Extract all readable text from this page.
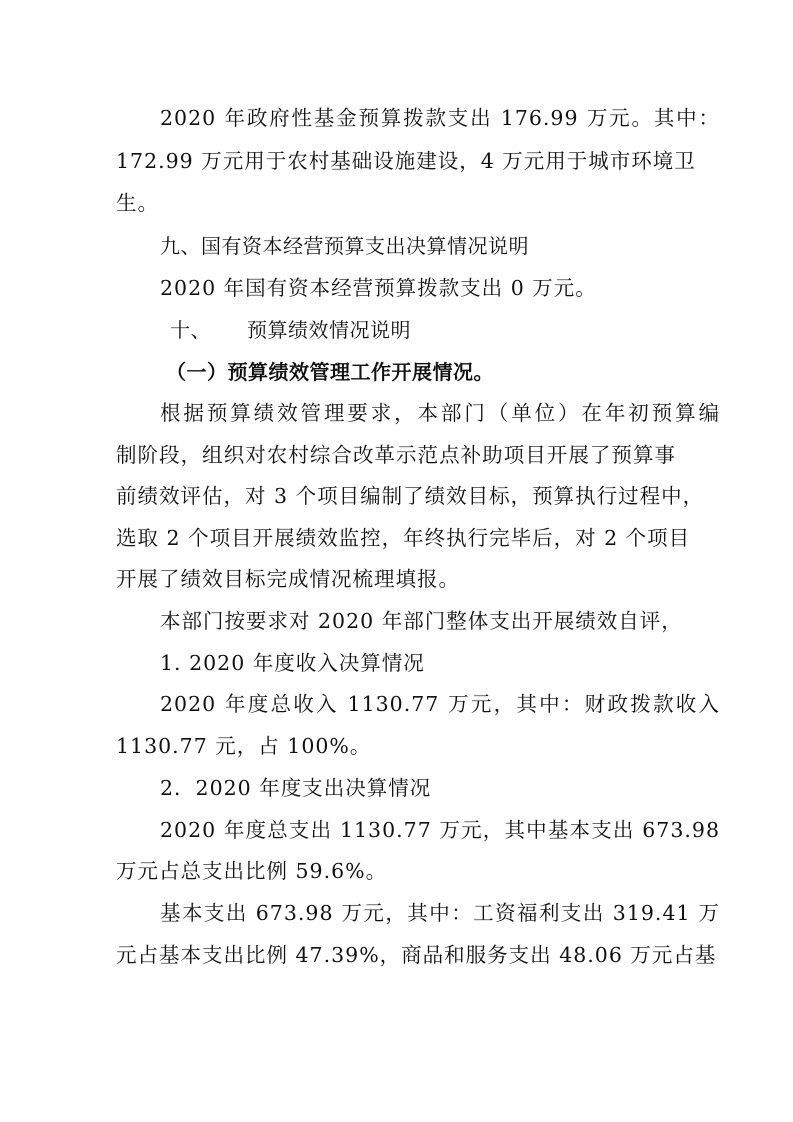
2020 年政府性基金预算拨款支出 176.99 万元。其中：
172.99 万元用于农村基础设施建设，4 万元用于城市环境卫
生。
九、国有资本经营预算支出决算情况说明
2020 年国有资本经营预算拨款支出 0 万元。
十、 预算绩效情况说明
（一）预算绩效管理工作开展情况。
根据预算绩效管理要求，本部门（单位）在年初预算编
制阶段，组织对农村综合改革示范点补助项目开展了预算事
前绩效评估，对 3 个项目编制了绩效目标，预算执行过程中，
选取 2 个项目开展绩效监控，年终执行完毕后，对 2 个项目
开展了绩效目标完成情况梳理填报。
本部门按要求对 2020 年部门整体支出开展绩效自评，
1. 2020 年度收入决算情况
2020 年度总收入 1130.77 万元，其中：财政拨款收入
1130.77 元，占 100%。
2．2020 年度支出决算情况
2020 年度总支出 1130.77 万元，其中基本支出 673.98
万元占总支出比例 59.6%。
基本支出 673.98 万元，其中：工资福利支出 319.41 万
元占基本支出比例 47.39%，商品和服务支出 48.06 万元占基
